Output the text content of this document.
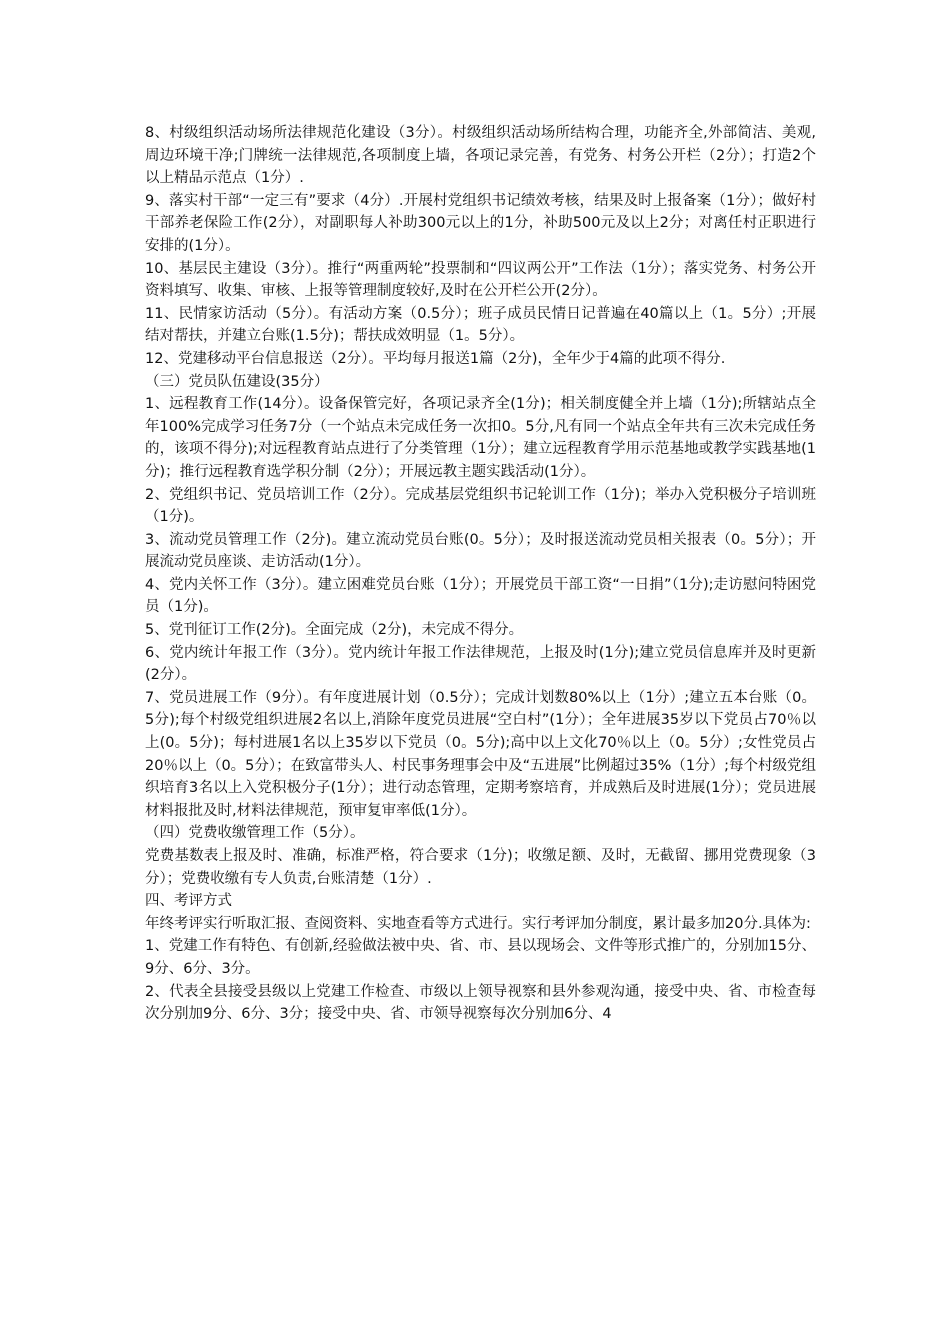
8、村级组织活动场所法律规范化建设（3分）。村级组织活动场所结构合理，功能齐全,外部简洁、美观,周边环境干净;门牌统一法律规范,各项制度上墙，各项记录完善，有党务、村务公开栏（2分）；打造2个以上精品示范点（1分）.

9、落实村干部“一定三有”要求（4分）.开展村党组织书记绩效考核，结果及时上报备案（1分）；做好村干部养老保险工作(2分），对副职每人补助300元以上的1分，补助500元及以上2分；对离任村正职进行安排的(1分）。

10、基层民主建设（3分）。推行“两重两轮”投票制和“四议两公开”工作法（1分）；落实党务、村务公开资料填写、收集、审核、上报等管理制度较好,及时在公开栏公开(2分）。

11、民情家访活动（5分）。有活动方案（0.5分）；班子成员民情日记普遍在40篇以上（1。5分）;开展结对帮扶，并建立台账(1.5分)；帮扶成效明显（1。5分）。

12、党建移动平台信息报送（2分）。平均每月报送1篇（2分)，全年少于4篇的此项不得分.

（三）党员队伍建设(35分）

1、远程教育工作(14分）。设备保管完好，各项记录齐全(1分)；相关制度健全并上墙（1分);所辖站点全年100%完成学习任务7分（一个站点未完成任务一次扣0。5分,凡有同一个站点全年共有三次未完成任务的，该项不得分);对远程教育站点进行了分类管理（1分）；建立远程教育学用示范基地或教学实践基地(1分)；推行远程教育选学积分制（2分）；开展远教主题实践活动(1分）。

2、党组织书记、党员培训工作（2分）。完成基层党组织书记轮训工作（1分)；举办入党积极分子培训班（1分)。

3、流动党员管理工作（2分)。建立流动党员台账(0。5分）；及时报送流动党员相关报表（0。5分）；开展流动党员座谈、走访活动(1分）。

4、党内关怀工作（3分）。建立困难党员台账（1分）；开展党员干部工资“一日捐”（1分);走访慰问特困党员（1分)。

5、党刊征订工作(2分)。全面完成（2分)，未完成不得分。

6、党内统计年报工作（3分）。党内统计年报工作法律规范，上报及时(1分);建立党员信息库并及时更新(2分）。

7、党员进展工作（9分）。有年度进展计划（0.5分）；完成计划数80%以上（1分）;建立五本台账（0。5分);每个村级党组织进展2名以上,消除年度党员进展“空白村”(1分）；全年进展35岁以下党员占70％以上(0。5分)；每村进展1名以上35岁以下党员（0。5分);高中以上文化70％以上（0。5分）;女性党员占20％以上（0。5分）；在致富带头人、村民事务理事会中及“五进展”比例超过35%（1分）;每个村级党组织培育3名以上入党积极分子(1分）；进行动态管理，定期考察培育，并成熟后及时进展(1分）；党员进展材料报批及时,材料法律规范，预审复审率低(1分）。

（四）党费收缴管理工作（5分）。

党费基数表上报及时、准确，标准严格，符合要求（1分)；收缴足额、及时，无截留、挪用党费现象（3分）；党费收缴有专人负责,台账清楚（1分）.

四、考评方式

年终考评实行听取汇报、查阅资料、实地查看等方式进行。实行考评加分制度，累计最多加20分.具体为:

1、党建工作有特色、有创新,经验做法被中央、省、市、县以现场会、文件等形式推广的，分别加15分、9分、6分、3分。

2、代表全县接受县级以上党建工作检查、市级以上领导视察和县外参观沟通，接受中央、省、市检查每次分别加9分、6分、3分；接受中央、省、市领导视察每次分别加6分、4
